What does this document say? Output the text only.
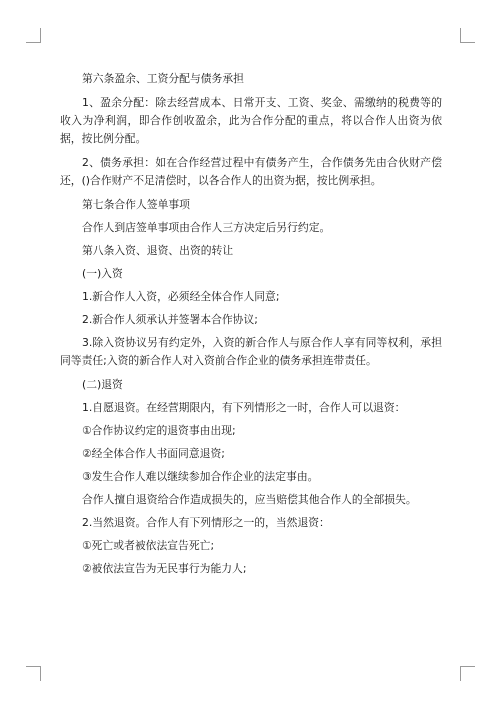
第六条盈余、工资分配与债务承担

1、盈余分配：除去经营成本、日常开支、工资、奖金、需缴纳的税费等的收入为净利润，即合作创收盈余，此为合作分配的重点，将以合作人出资为依据，按比例分配。

2、债务承担：如在合作经营过程中有债务产生，合作债务先由合伙财产偿还，()合作财产不足清偿时，以各合作人的出资为据，按比例承担。

第七条合作人签单事项

合作人到店签单事项由合作人三方决定后另行约定。

第八条入资、退资、出资的转让

(一)入资

1.新合作人入资，必须经全体合作人同意;

2.新合作人须承认并签署本合作协议;

3.除入资协议另有约定外，入资的新合作人与原合作人享有同等权利，承担同等责任;入资的新合作人对入资前合作企业的债务承担连带责任。

(二)退资

1.自愿退资。在经营期限内，有下列情形之一时，合作人可以退资：

①合作协议约定的退资事由出现;

②经全体合作人书面同意退资;

③发生合作人难以继续参加合作企业的法定事由。

合作人擅自退资给合作造成损失的，应当赔偿其他合作人的全部损失。

2.当然退资。合作人有下列情形之一的，当然退资：

①死亡或者被依法宣告死亡;

②被依法宣告为无民事行为能力人;
